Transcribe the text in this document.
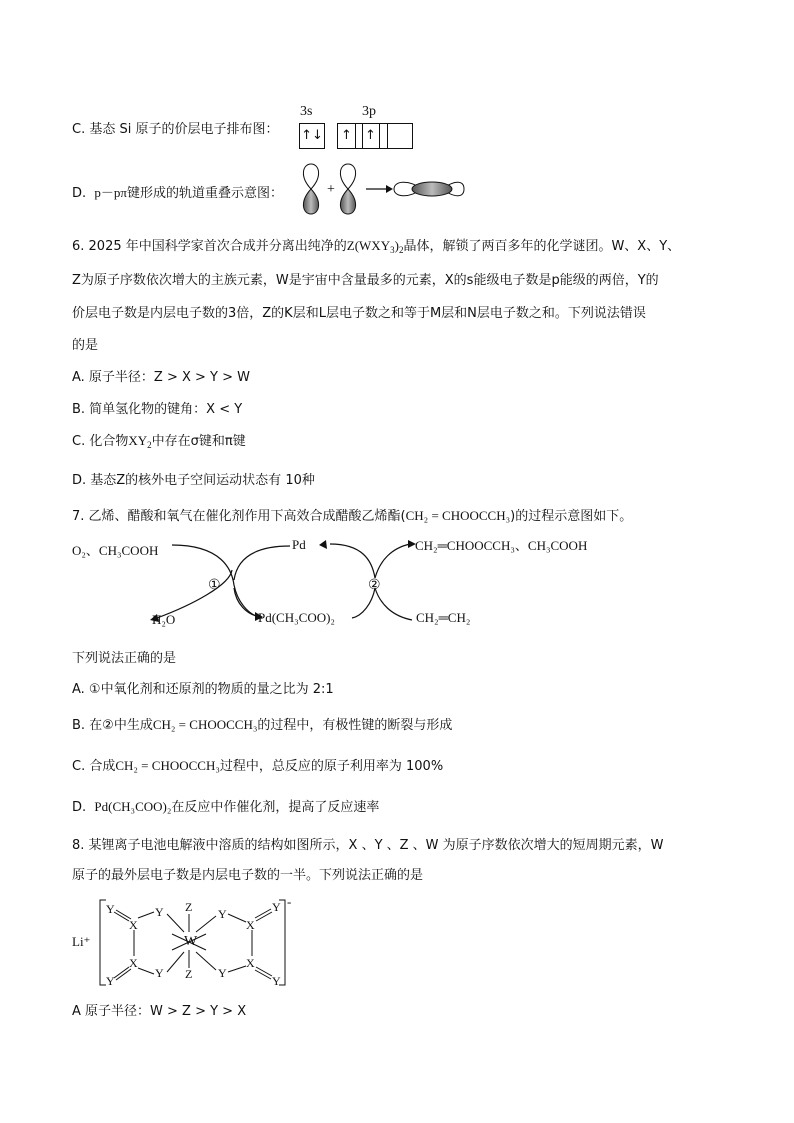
C. 基态 Si 原子的价层电子排布图：
3s	3p
↑↓ ↑	↑
D. p－pπ键形成的轨道重叠示意图：	+
6. 2025 年中国科学家首次合成并分离出纯净的$Z(WXY_3)_2$晶体，解锁了两百多年的化学谜团。W、X、Y、
Z为原子序数依次增大的主族元素，W是宇宙中含量最多的元素，X的s能级电子数是p能级的两倍，Y的
价层电子数是内层电子数的3倍，Z的K层和L层电子数之和等于M层和N层电子数之和。下列说法错误
的是
A. 原子半径：Z > X > Y > W
B. 简单氢化物的键角：X < Y
C. 化合物$XY_2$中存在σ键和π键
D. 基态Z的核外电子空间运动状态有 10种
7. 乙烯、醋酸和氧气在催化剂作用下高效合成醋酸乙烯酯(CH₂ = CHOOCCH₃)的过程示意图如下。
O₂、CH₃COOH
H₂O
Pd
Pd(CH₃COO)₂
CH₂═CHOOCCH₃、CH₃COOH
CH₂═CH₂
①	②
下列说法正确的是
A. ①中氧化剂和还原剂的物质的量之比为 2:1
B. 在②中生成CH₂ = CHOOCCH₃的过程中，有极性键的断裂与形成
C. 合成CH₂ = CHOOCCH₃过程中，总反应的原子利用率为 100%
D. Pd(CH₃COO)₂在反应中作催化剂，提高了反应速率
8. 某锂离子电池电解液中溶质的结构如图所示，X 、Y 、Z 、W 为原子序数依次增大的短周期元素，W
原子的最外层电子数是内层电子数的一半。下列说法正确的是
Li⁺
-
W
Y	Y
X
X
Y
Y
Z
Z
Y
X
Y
Y
X
Y
A 原子半径：W > Z > Y > X
